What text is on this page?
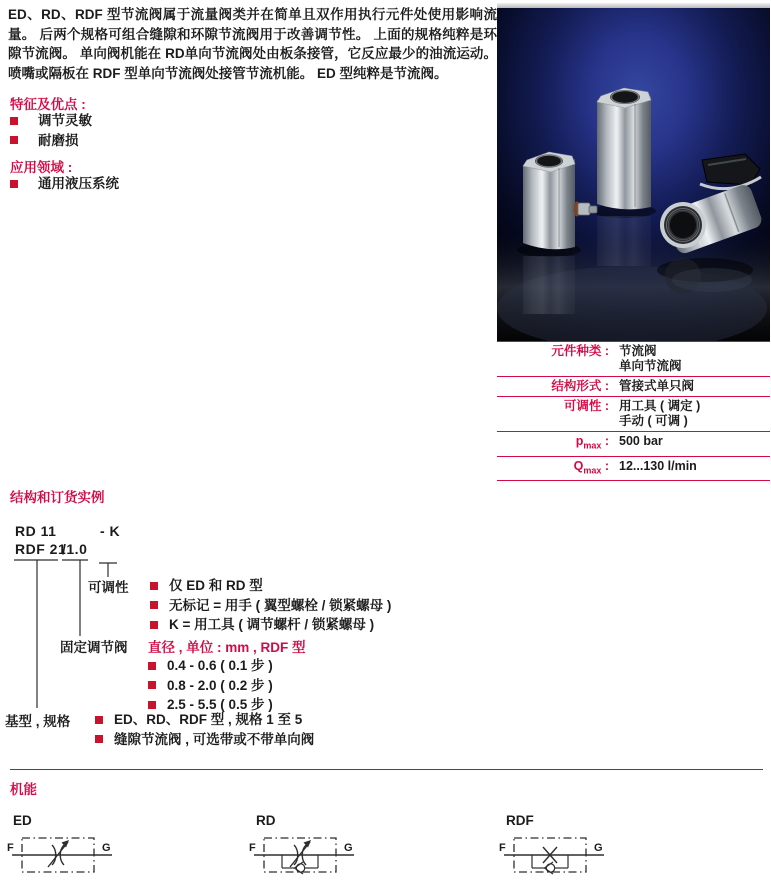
ED、RD、RDF 型节流阀属于流量阀类并在简单且双作用执行元件处使用影响流量。 后两个规格可组合缝隙和环隙节流阀用于改善调节性。 上面的规格纯粹是环隙节流阀。 单向阀机能在 RD单向节流阀处由板条接管，它反应最少的油流运动。 喷嘴或隔板在 RDF 型单向节流阀处接管节流机能。 ED 型纯粹是节流阀。
特征及优点 :
调节灵敏
耐磨损
应用领域 :
通用液压系统
元件种类 : 节流阀
单向节流阀
结构形式 : 管接式单只阀
可调性 : 用工具 ( 调定 )
手动 ( 可调 )
$p_{max}$ : 500 bar
$Q_{max}$ : 12...130 l/min
结构和订货实例
RD 11	- K
RDF 21
/1.0
可调性	仅 ED 和 RD 型
无标记 = 用手 ( 翼型螺栓 / 锁紧螺母 )
K = 用工具 ( 调节螺杆 / 锁紧螺母 )
固定调节阀 直径 , 单位 : mm , RDF 型
0.4 - 0.6 ( 0.1 步 )
0.8 - 2.0 ( 0.2 步 )
2.5 - 5.5 ( 0.5 步 )
基型 , 规格	ED、RD、RDF 型 , 规格 1 至 5
缝隙节流阀 , 可选带或不带单向阀
机能
ED
F	G
RD
F	G
RDF
F	G
